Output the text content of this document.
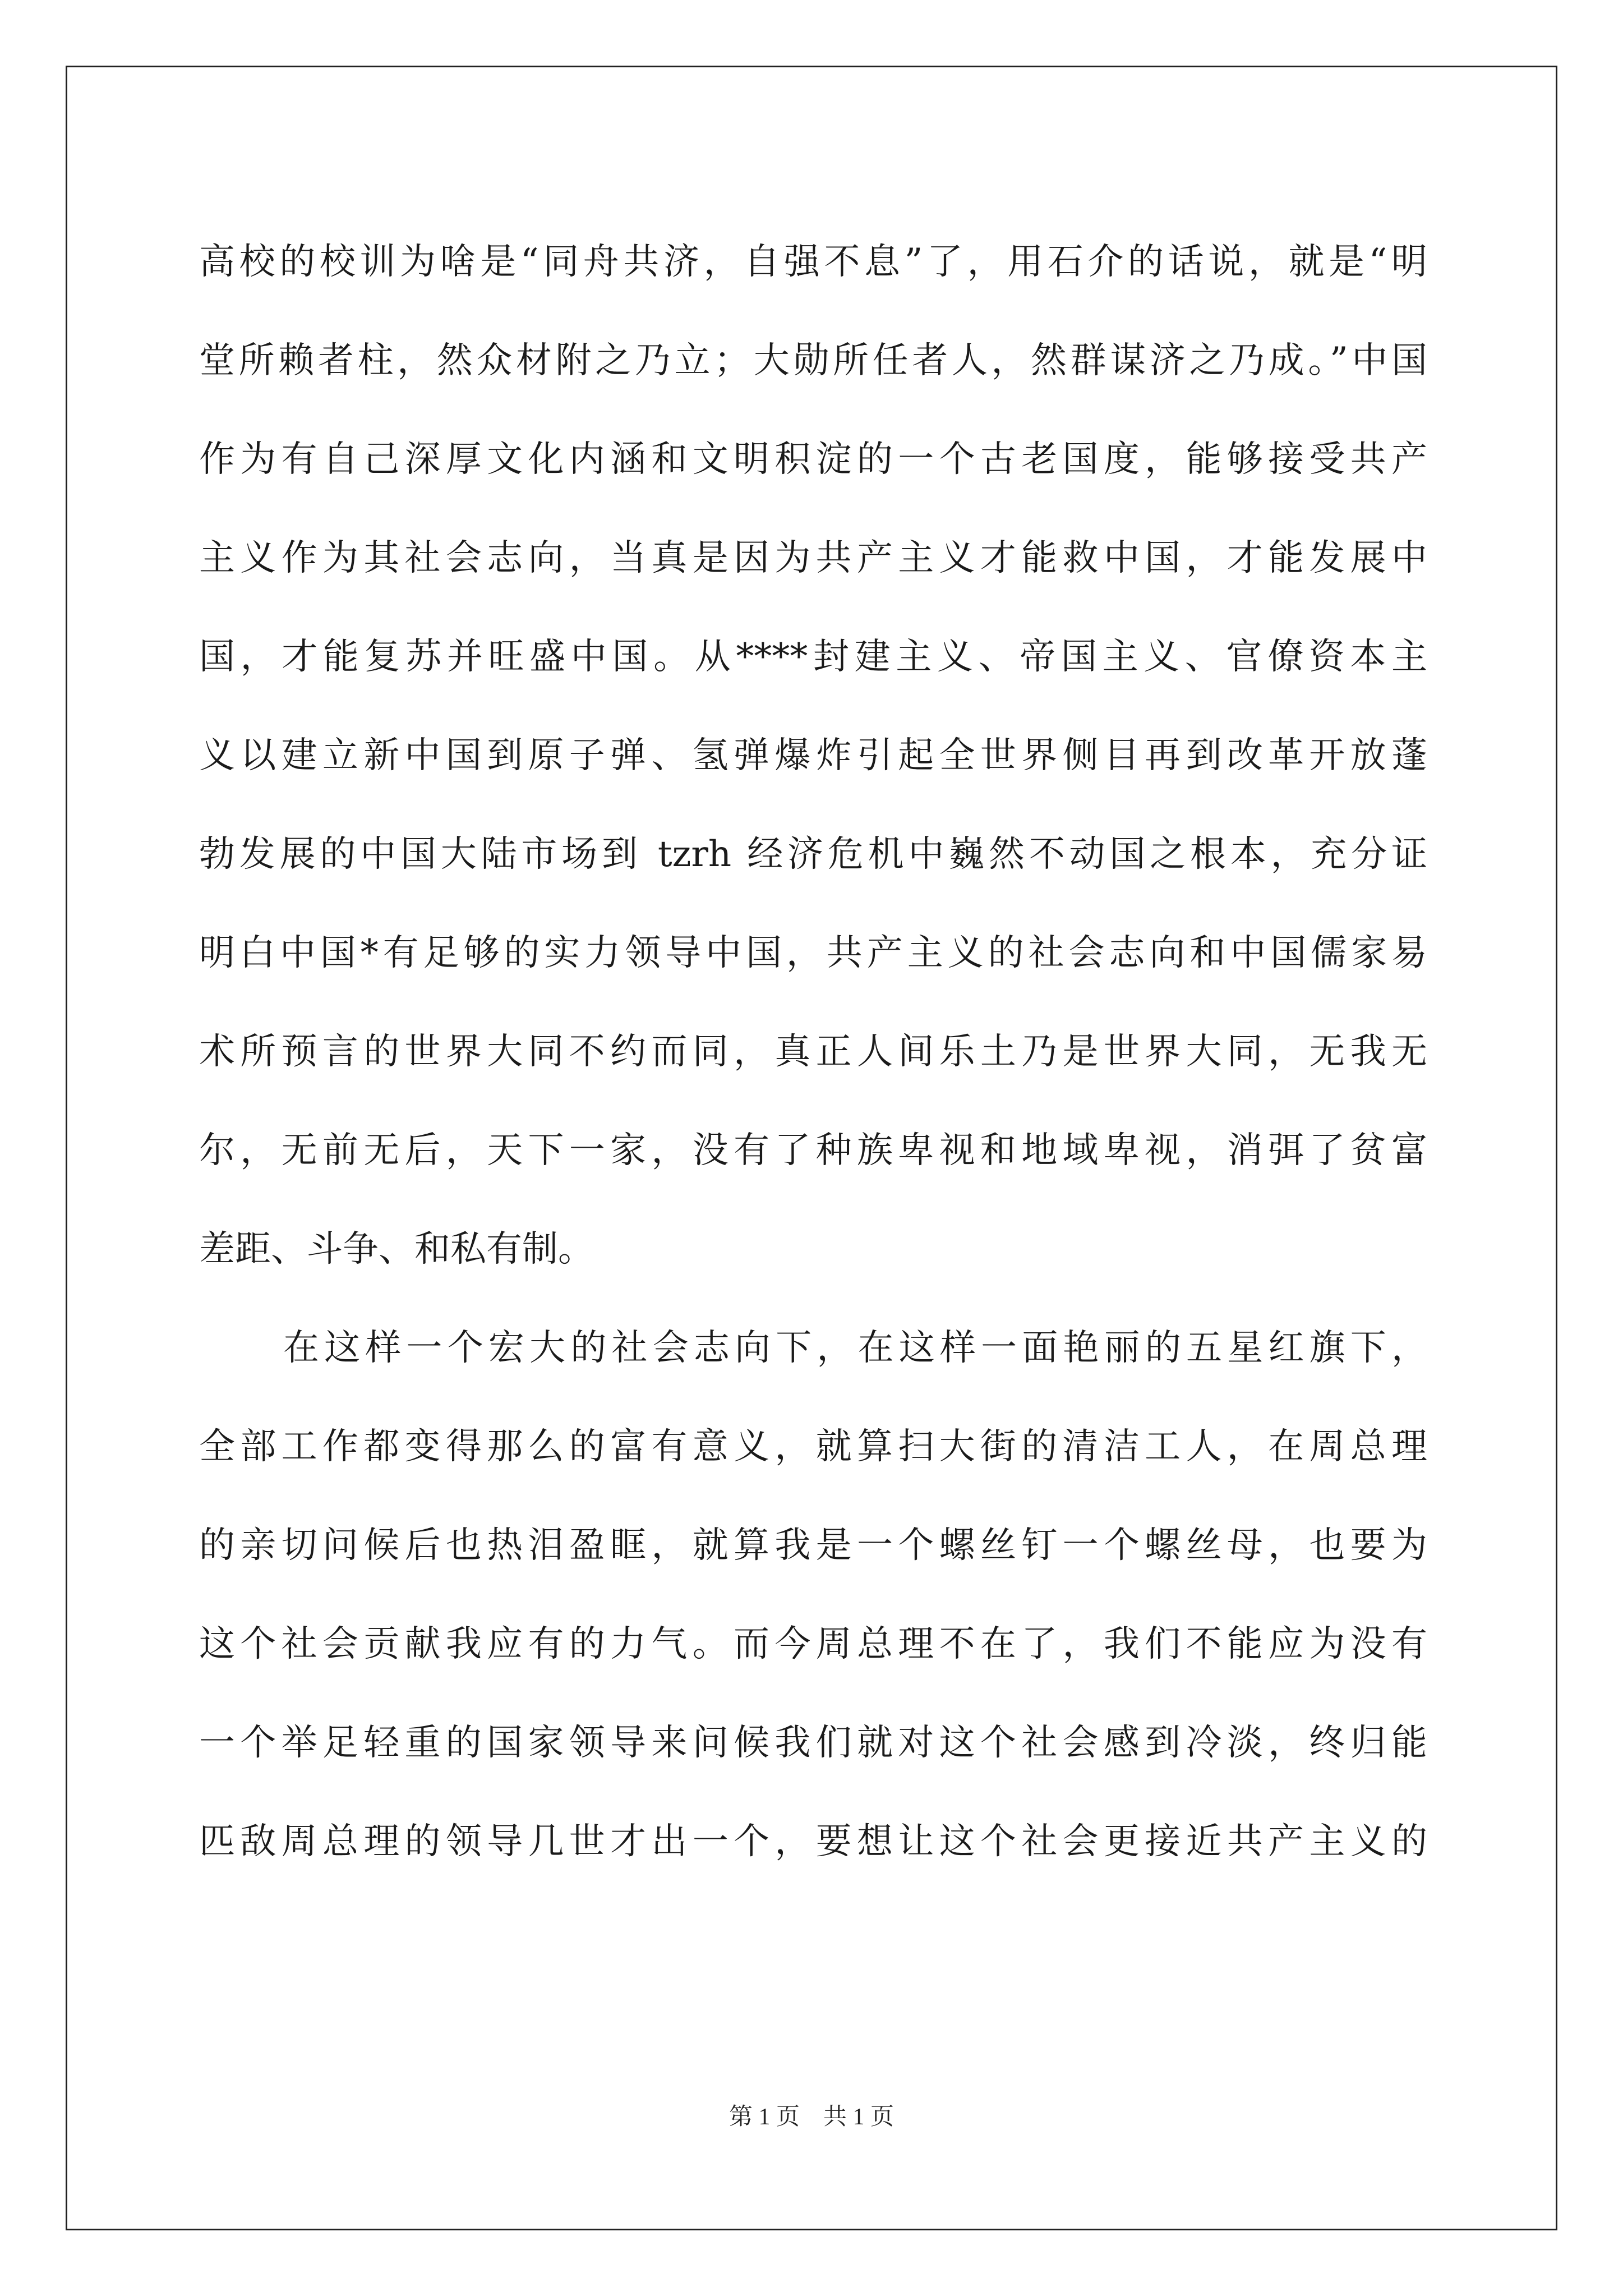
高校的校训为啥是“同舟共济，自强不息”了，用石介的话说，就是“明
堂所赖者柱，然众材附之乃立；大勋所任者人，然群谋济之乃成。”中国
作为有自己深厚文化内涵和文明积淀的一个古老国度，能够接受共产
主义作为其社会志向，当真是因为共产主义才能救中国，才能发展中
国，才能复苏并旺盛中国。从****封建主义、帝国主义、官僚资本主
义以建立新中国到原子弹、氢弹爆炸引起全世界侧目再到改革开放蓬
勃发展的中国大陆市场到 tzrh 经济危机中巍然不动国之根本，充分证
明白中国*有足够的实力领导中国，共产主义的社会志向和中国儒家易
术所预言的世界大同不约而同，真正人间乐土乃是世界大同，无我无
尔，无前无后，天下一家，没有了种族卑视和地域卑视，消弭了贫富
差距、斗争、和私有制。
在这样一个宏大的社会志向下，在这样一面艳丽的五星红旗下，
全部工作都变得那么的富有意义，就算扫大街的清洁工人，在周总理
的亲切问候后也热泪盈眶，就算我是一个螺丝钉一个螺丝母，也要为
这个社会贡献我应有的力气。而今周总理不在了，我们不能应为没有
一个举足轻重的国家领导来问候我们就对这个社会感到冷淡，终归能
匹敌周总理的领导几世才出一个，要想让这个社会更接近共产主义的
第 1 页　共 1 页
